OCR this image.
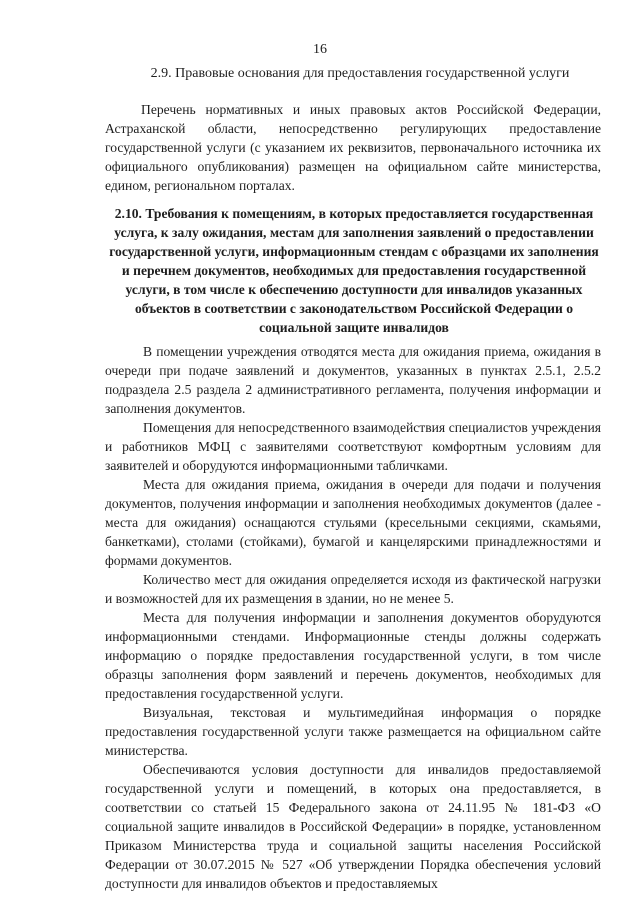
16
2.9. Правовые основания для предоставления государственной услуги

Перечень нормативных и иных правовых актов Российской Федерации, Астраханской области, непосредственно регулирующих предоставление государственной услуги (с указанием их реквизитов, первоначального источника их официального опубликования) размещен на официальном сайте министерства, едином, региональном порталах.

2.10. Требования к помещениям, в которых предоставляется государственная услуга, к залу ожидания, местам для заполнения заявлений о предоставлении государственной услуги, информационным стендам с образцами их заполнения и перечнем документов, необходимых для предоставления государственной услуги, в том числе к обеспечению доступности для инвалидов указанных объектов в соответствии с законодательством Российской Федерации о социальной защите инвалидов

В помещении учреждения отводятся места для ожидания приема, ожидания в очереди при подаче заявлений и документов, указанных в пунктах 2.5.1, 2.5.2 подраздела 2.5 раздела 2 административного регламента, получения информации и заполнения документов.

Помещения для непосредственного взаимодействия специалистов учреждения и работников МФЦ с заявителями соответствуют комфортным условиям для заявителей и оборудуются информационными табличками.

Места для ожидания приема, ожидания в очереди для подачи и получения документов, получения информации и заполнения необходимых документов (далее - места для ожидания) оснащаются стульями (кресельными секциями, скамьями, банкетками), столами (стойками), бумагой и канцелярскими принадлежностями и формами документов.

Количество мест для ожидания определяется исходя из фактической нагрузки и возможностей для их размещения в здании, но не менее 5.

Места для получения информации и заполнения документов оборудуются информационными стендами. Информационные стенды должны содержать информацию о порядке предоставления государственной услуги, в том числе образцы заполнения форм заявлений и перечень документов, необходимых для предоставления государственной услуги.

Визуальная, текстовая и мультимедийная информация о порядке предоставления государственной услуги также размещается на официальном сайте министерства.

Обеспечиваются условия доступности для инвалидов предоставляемой государственной услуги и помещений, в которых она предоставляется, в соответствии со статьей 15 Федерального закона от 24.11.95 № 181-ФЗ «О социальной защите инвалидов в Российской Федерации» в порядке, установленном Приказом Министерства труда и социальной защиты населения Российской Федерации от 30.07.2015 № 527 «Об утверждении Порядка обеспечения условий доступности для инвалидов объектов и предоставляемых
